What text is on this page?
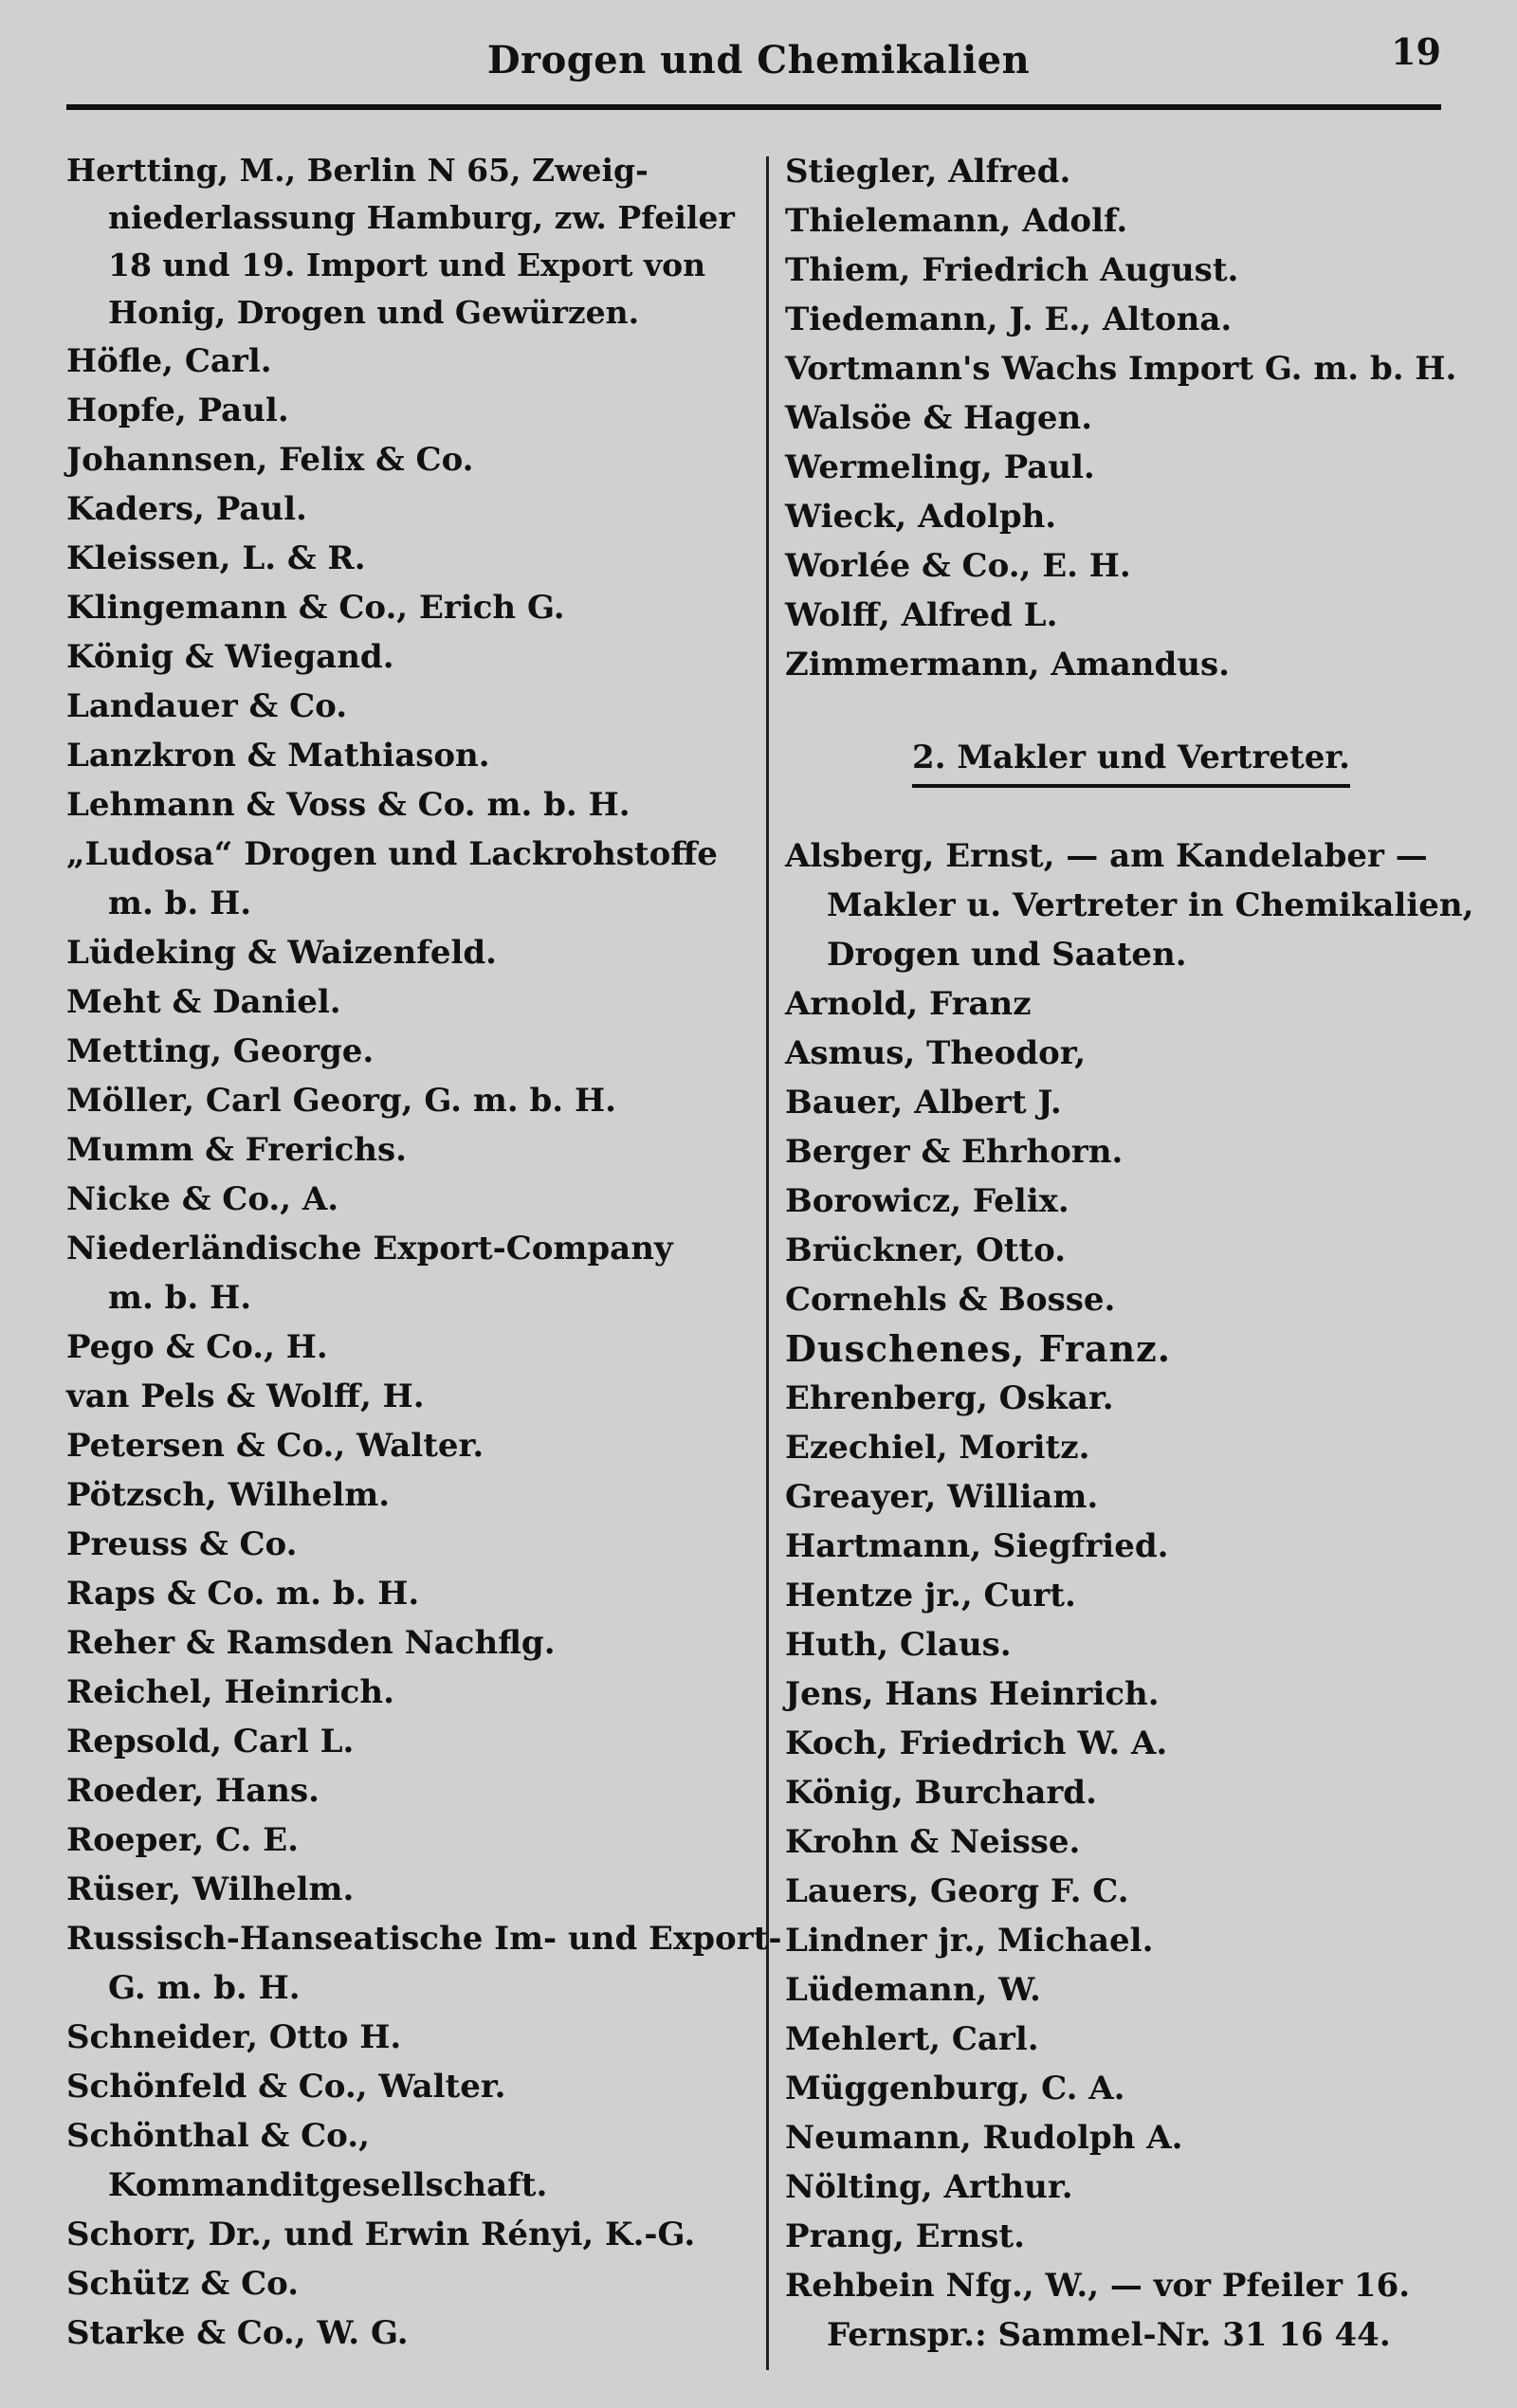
Drogen und Chemikalien	19
Hertting, M., Berlin N 65, Zweig-

niederlassung Hamburg, zw. Pfeiler
18 und 19. Import und Export von
Honig, Drogen und Gewürzen.
Höfle, Carl.
Hopfe, Paul.
Johannsen, Felix & Co.
Kaders, Paul.
Kleissen, L. & R.
Klingemann & Co., Erich G.
König & Wiegand.
Landauer & Co.
Lanzkron & Mathiason.
Lehmann & Voss & Co. m. b. H.
„Ludosa“ Drogen und Lackrohstoffe

m. b. H.
Lüdeking & Waizenfeld.
Meht & Daniel.
Metting, George.
Möller, Carl Georg, G. m. b. H.
Mumm & Frerichs.
Nicke & Co., A.
Niederländische Export-Company

m. b. H.
Pego & Co., H.
van Pels & Wolff, H.
Petersen & Co., Walter.
Pötzsch, Wilhelm.
Preuss & Co.
Raps & Co. m. b. H.
Reher & Ramsden Nachflg.
Reichel, Heinrich.
Repsold, Carl L.
Roeder, Hans.
Roeper, C. E.
Rüser, Wilhelm.
Russisch-Hanseatische Im- und Export-

G. m. b. H.
Schneider, Otto H.
Schönfeld & Co., Walter.
Schönthal & Co.,

Kommanditgesellschaft.
Schorr, Dr., und Erwin Rényi, K.-G.
Schütz & Co.
Starke & Co., W. G.
Stiegler, Alfred.
Thielemann, Adolf.
Thiem, Friedrich August.
Tiedemann, J. E., Altona.
Vortmann's Wachs Import G. m. b. H.
Walsöe & Hagen.
Wermeling, Paul.
Wieck, Adolph.
Worlée & Co., E. H.
Wolff, Alfred L.
Zimmermann, Amandus.
2. Makler und Vertreter.
Alsberg, Ernst, — am Kandelaber —

Makler u. Vertreter in Chemikalien,
Drogen und Saaten.
Arnold, Franz
Asmus, Theodor,
Bauer, Albert J.
Berger & Ehrhorn.
Borowicz, Felix.
Brückner, Otto.
Cornehls & Bosse.
Duschenes, Franz.
Ehrenberg, Oskar.
Ezechiel, Moritz.
Greayer, William.
Hartmann, Siegfried.
Hentze jr., Curt.
Huth, Claus.
Jens, Hans Heinrich.
Koch, Friedrich W. A.
König, Burchard.
Krohn & Neisse.
Lauers, Georg F. C.
Lindner jr., Michael.
Lüdemann, W.
Mehlert, Carl.
Müggenburg, C. A.
Neumann, Rudolph A.
Nölting, Arthur.
Prang, Ernst.
Rehbein Nfg., W., — vor Pfeiler 16.

Fernspr.: Sammel-Nr. 31 16 44.
